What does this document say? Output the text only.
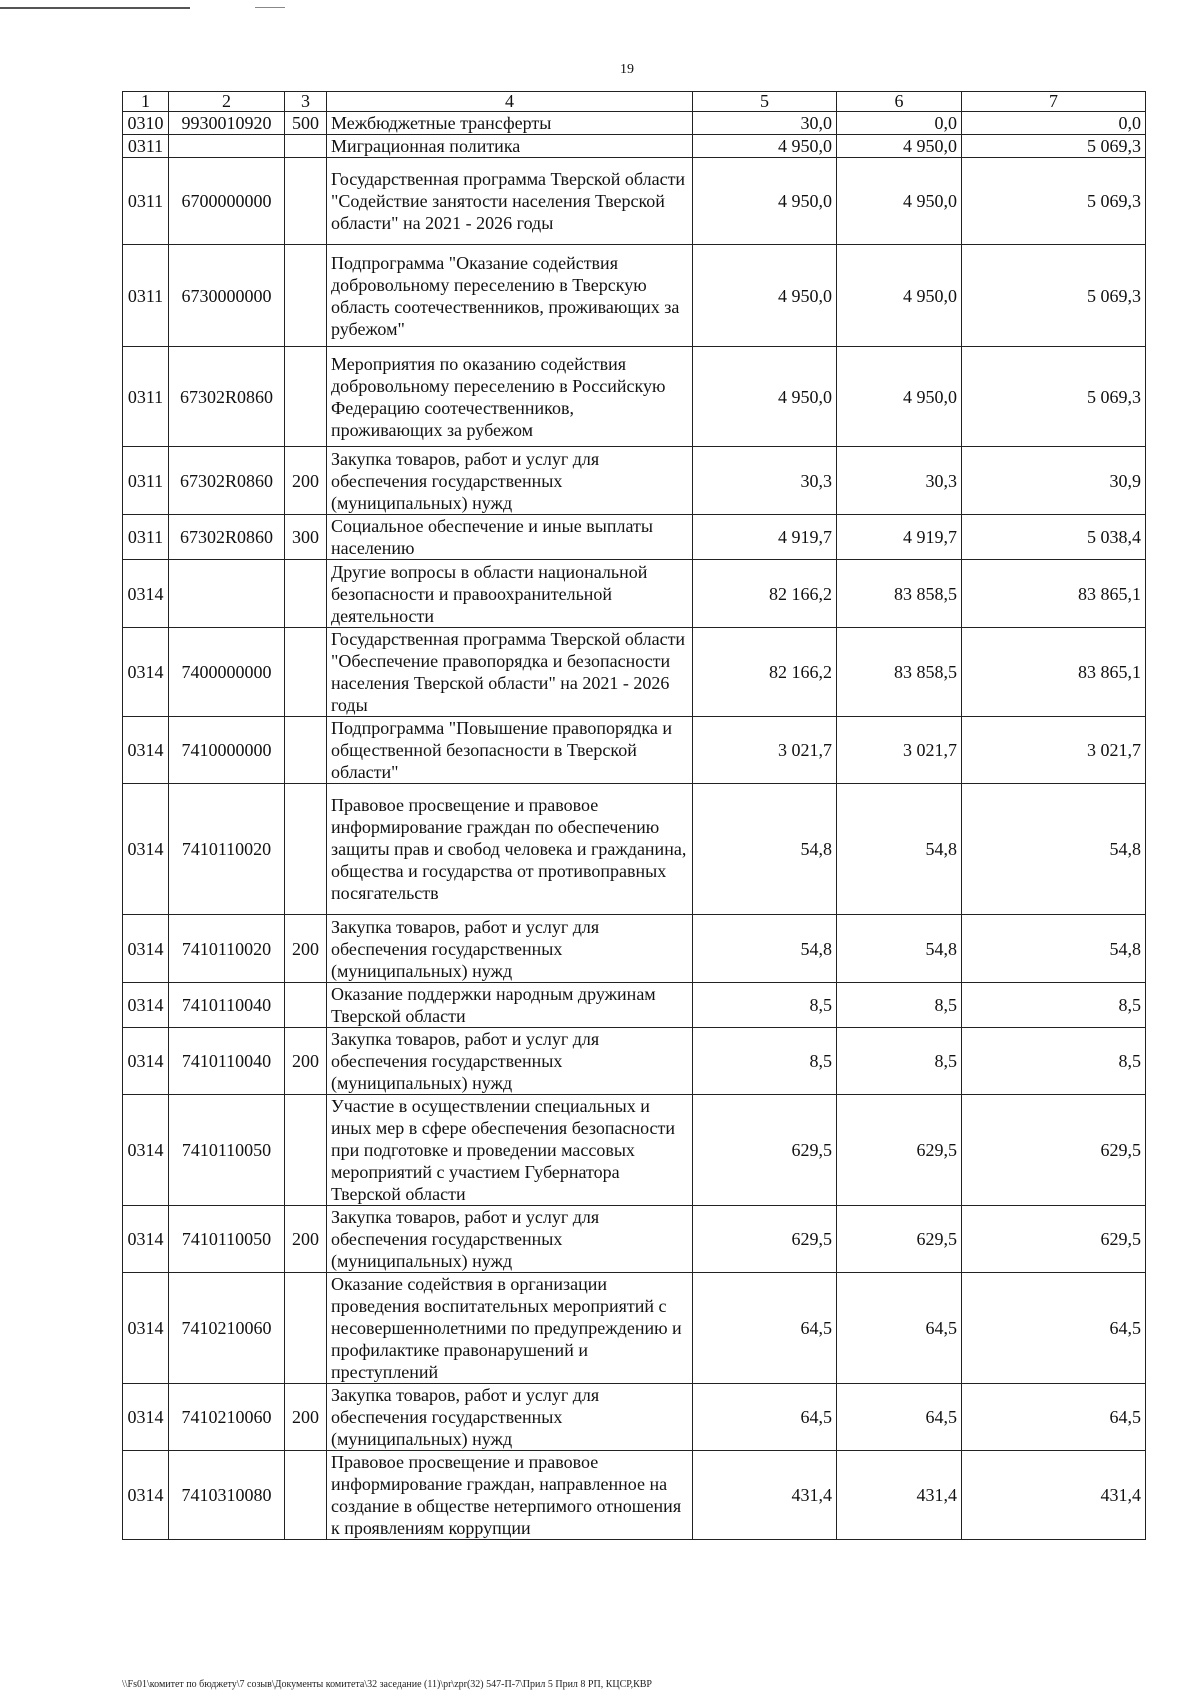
19
1	2	3	4	5	6	7
0310	9930010920	500	Межбюджетные трансферты	30,0	0,0	0,0
0311			Миграционная политика	4 950,0	4 950,0	5 069,3
0311	6700000000		Государственная программа Тверской области "Содействие занятости населения Тверской области" на 2021 - 2026 годы	4 950,0	4 950,0	5 069,3
0311	6730000000		Подпрограмма "Оказание содействия добровольному переселению в Тверскую область соотечественников, проживающих за рубежом"	4 950,0	4 950,0	5 069,3
0311	67302R0860		Мероприятия по оказанию содействия добровольному переселению в Российскую Федерацию соотечественников, проживающих за рубежом	4 950,0	4 950,0	5 069,3
0311	67302R0860	200	Закупка товаров, работ и услуг для обеспечения государственных (муниципальных) нужд	30,3	30,3	30,9
0311	67302R0860	300	Социальное обеспечение и иные выплаты населению	4 919,7	4 919,7	5 038,4
0314			Другие вопросы в области национальной безопасности и правоохранительной деятельности	82 166,2	83 858,5	83 865,1
0314	7400000000		Государственная программа Тверской области "Обеспечение правопорядка и безопасности населения Тверской области" на 2021 - 2026 годы	82 166,2	83 858,5	83 865,1
0314	7410000000		Подпрограмма "Повышение правопорядка и общественной безопасности в Тверской области"	3 021,7	3 021,7	3 021,7
0314	7410110020		Правовое просвещение и правовое информирование граждан по обеспечению защиты прав и свобод человека и гражданина, общества и государства от противоправных посягательств	54,8	54,8	54,8
0314	7410110020	200	Закупка товаров, работ и услуг для обеспечения государственных (муниципальных) нужд	54,8	54,8	54,8
0314	7410110040		Оказание поддержки народным дружинам Тверской области	8,5	8,5	8,5
0314	7410110040	200	Закупка товаров, работ и услуг для обеспечения государственных (муниципальных) нужд	8,5	8,5	8,5
0314	7410110050		Участие в осуществлении специальных и иных мер в сфере обеспечения безопасности при подготовке и проведении массовых мероприятий с участием Губернатора Тверской области	629,5	629,5	629,5
0314	7410110050	200	Закупка товаров, работ и услуг для обеспечения государственных (муниципальных) нужд	629,5	629,5	629,5
0314	7410210060		Оказание содействия в организации проведения воспитательных мероприятий с несовершеннолетними по предупреждению и профилактике правонарушений и преступлений	64,5	64,5	64,5
0314	7410210060	200	Закупка товаров, работ и услуг для обеспечения государственных (муниципальных) нужд	64,5	64,5	64,5
0314	7410310080		Правовое просвещение и правовое информирование граждан, направленное на создание в обществе нетерпимого отношения к проявлениям коррупции	431,4	431,4	431,4
\\Fs01\комитет по бюджету\7 созыв\Документы комитета\32 заседание (11)\pr\zpr(32) 547-П-7\Прил 5 Прил 8 РП, КЦСР,КВР
